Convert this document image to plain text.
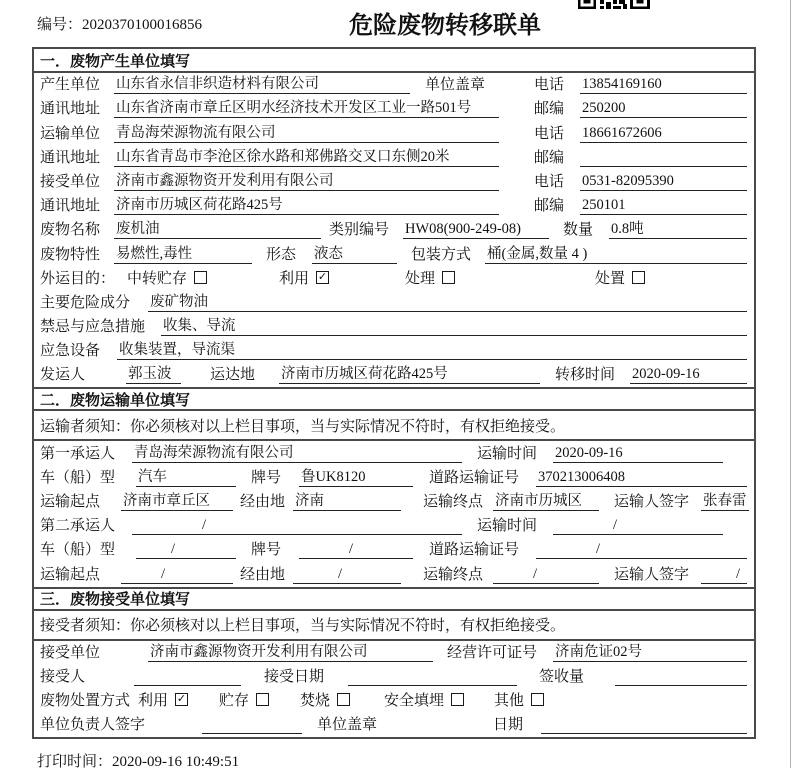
编号：2020370100016856	危险废物转移联单
一．废物产生单位填写
产生单位 山东省永信非织造材料有限公司	单位盖章	电话 13854169160
通讯地址 山东省济南市章丘区明水经济技术开发区工业一路501号	邮编 250200
运输单位 青岛海荣源物流有限公司	电话 18661672606
通讯地址 山东省青岛市李沧区徐水路和郑佛路交叉口东侧20米	邮编
接受单位 济南市鑫源物资开发利用有限公司	电话 0531-82095390
通讯地址 济南市历城区荷花路425号	邮编 250101
废物名称 废机油	类别编号 HW08(900-249-08)	数量 0.8吨
废物特性 易燃性,毒性	形态 液态	包装方式 桶(金属,数量 4 )
外运目的： 中转贮存	利用 ✓	处理	处置
主要危险成分 废矿物油
禁忌与应急措施 收集、导流
应急设备 收集装置，导流渠
发运人	郭玉波	运达地 济南市历城区荷花路425号	转移时间 2020-09-16
二．废物运输单位填写
运输者须知：你必须核对以上栏目事项，当与实际情况不符时，有权拒绝接受。
第一承运人 青岛海荣源物流有限公司	运输时间 2020-09-16
车（船）型 汽车	牌号 鲁UK8120	道路运输证号 370213006408
运输起点 济南市章丘区	经由地 济南	运输终点 济南市历城区	运输人签字 张春雷
第二承运人	/	运输时间	/
车（船）型	/	牌号	/	道路运输证号	/
运输起点	/	经由地	/	运输终点	/	运输人签字	/
三．废物接受单位填写
接受者须知：你必须核对以上栏目事项，当与实际情况不符时，有权拒绝接受。
接受单位	济南市鑫源物资开发利用有限公司	经营许可证号 济南危证02号
接受人	接受日期	签收量
废物处置方式 利用 ✓ 贮存	焚烧	安全填埋	其他
单位负责人签字	单位盖章	日期
打印时间：2020-09-16 10:49:51
